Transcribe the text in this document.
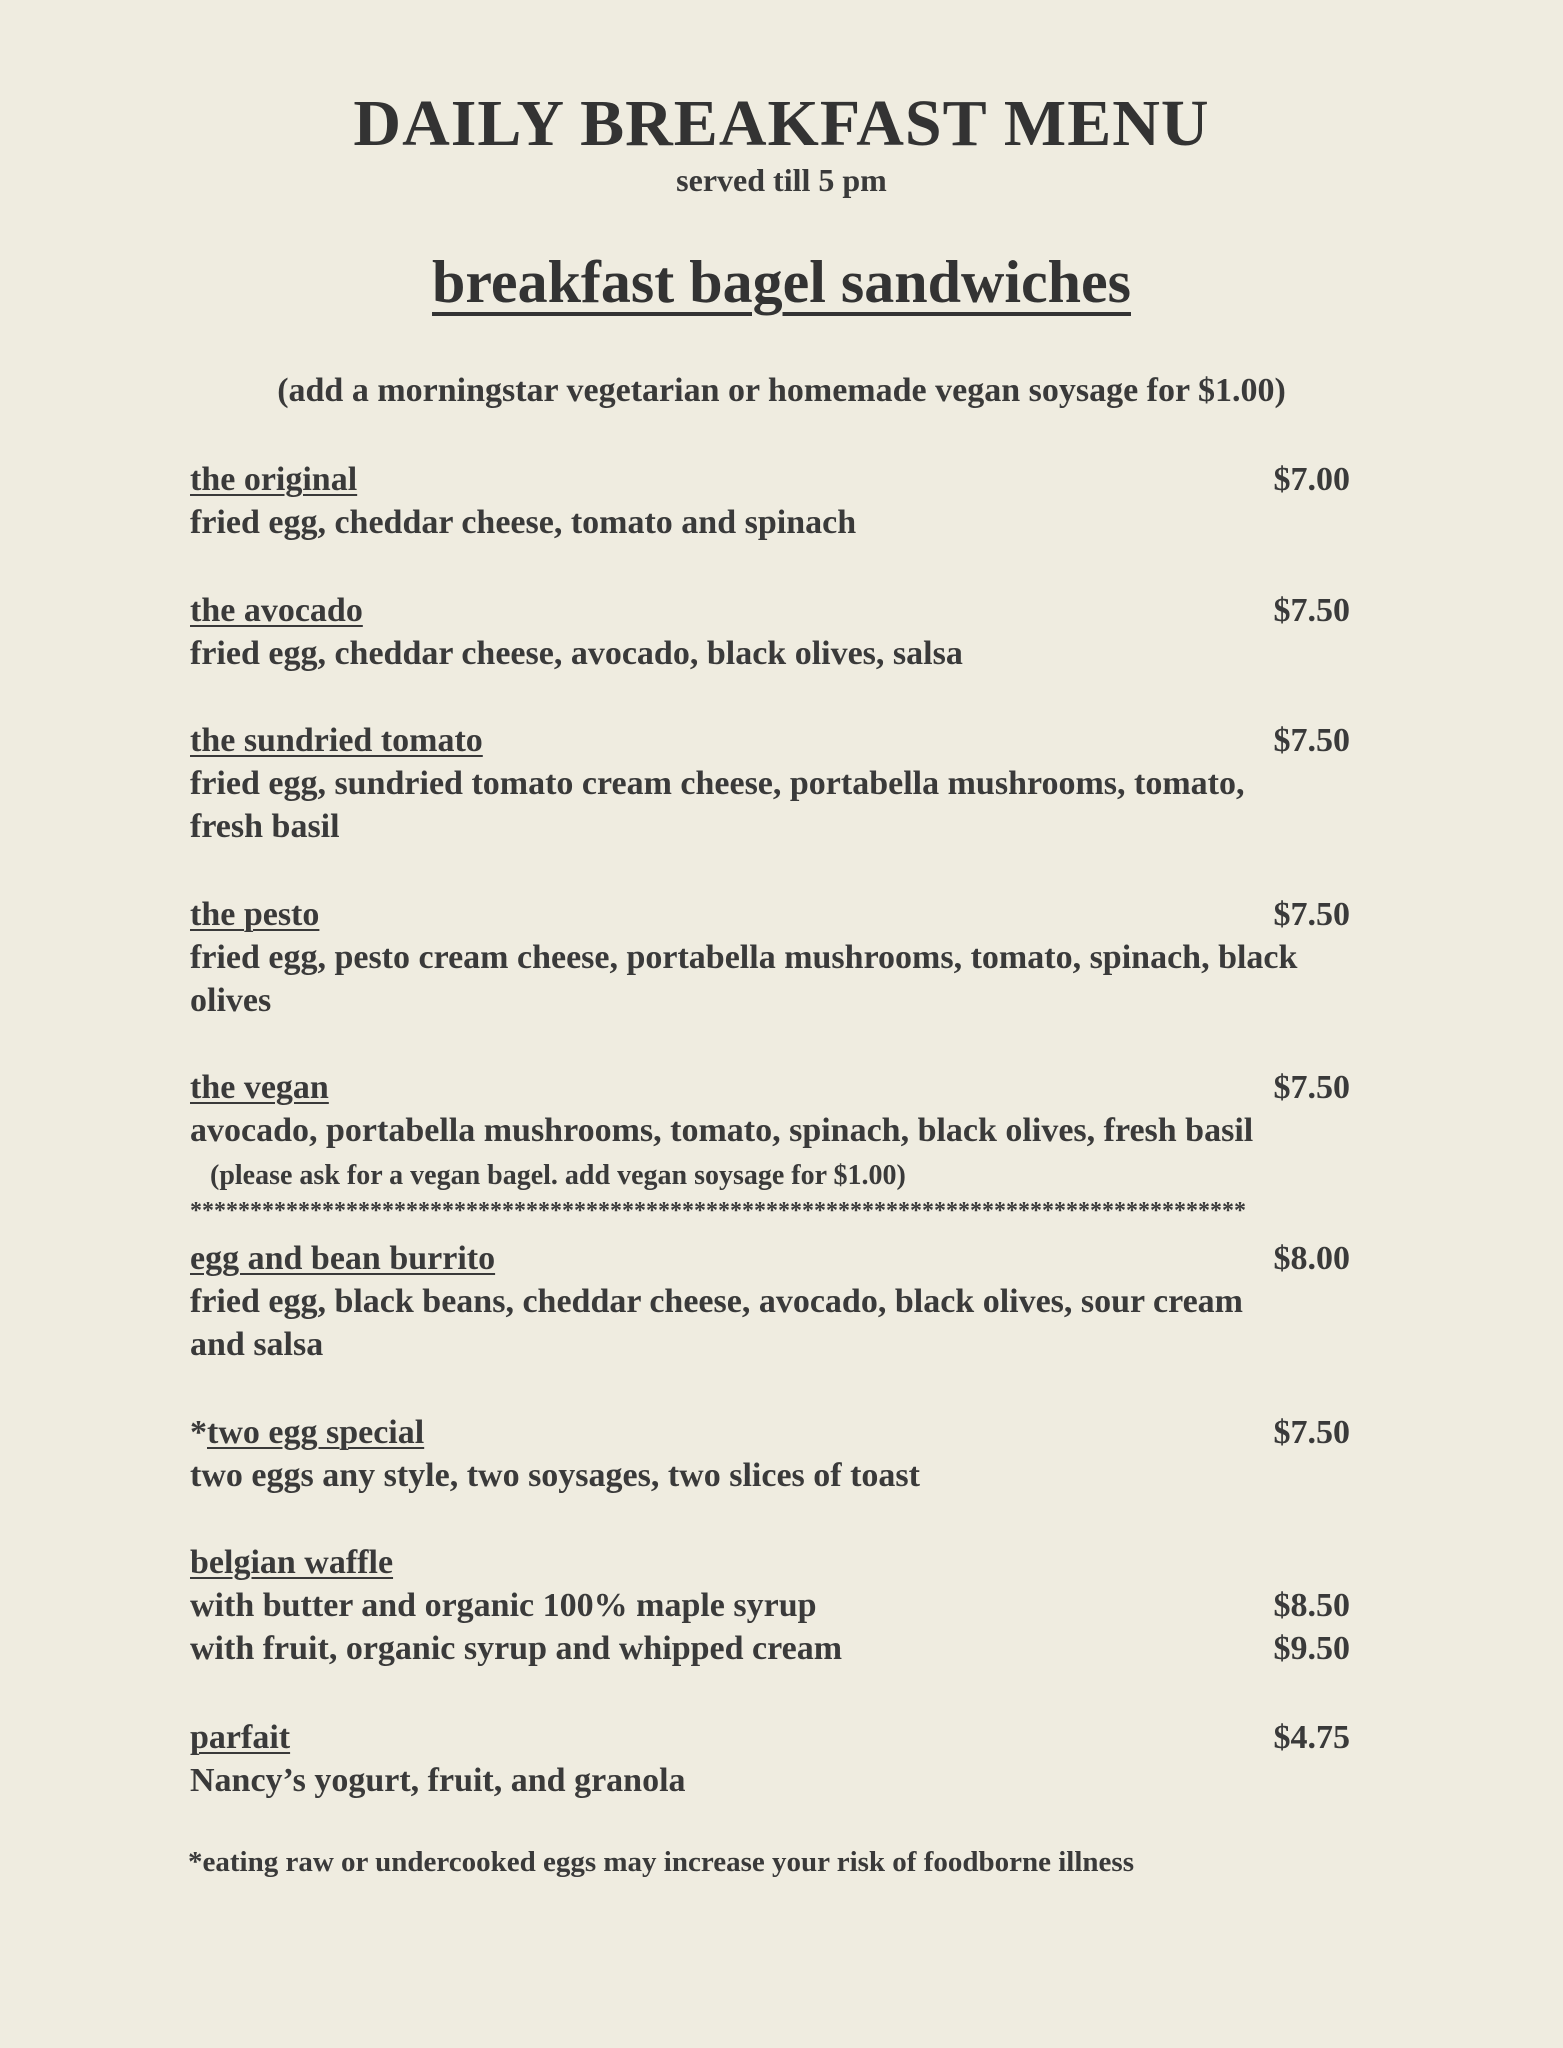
DAILY BREAKFAST MENU
served till 5 pm
breakfast bagel sandwiches
(add a morningstar vegetarian or homemade vegan soysage for $1.00)
the original	$7.00
fried egg, cheddar cheese, tomato and spinach
the avocado	$7.50
fried egg, cheddar cheese, avocado, black olives, salsa
the sundried tomato	$7.50
fried egg, sundried tomato cream cheese, portabella mushrooms, tomato, fresh basil
the pesto	$7.50
fried egg, pesto cream cheese, portabella mushrooms, tomato, spinach, black olives
the vegan	$7.50
avocado, portabella mushrooms, tomato, spinach, black olives, fresh basil (please ask for a vegan bagel. add vegan soysage for $1.00)
****************************************************************************************
egg and bean burrito	$8.00
fried egg, black beans, cheddar cheese, avocado, black olives, sour cream and salsa
*two egg special	$7.50
two eggs any style, two soysages, two slices of toast
belgian waffle
with butter and organic 100% maple syrup	$8.50
with fruit, organic syrup and whipped cream	$9.50
parfait	$4.75
Nancy’s yogurt, fruit, and granola
*eating raw or undercooked eggs may increase your risk of foodborne illness
